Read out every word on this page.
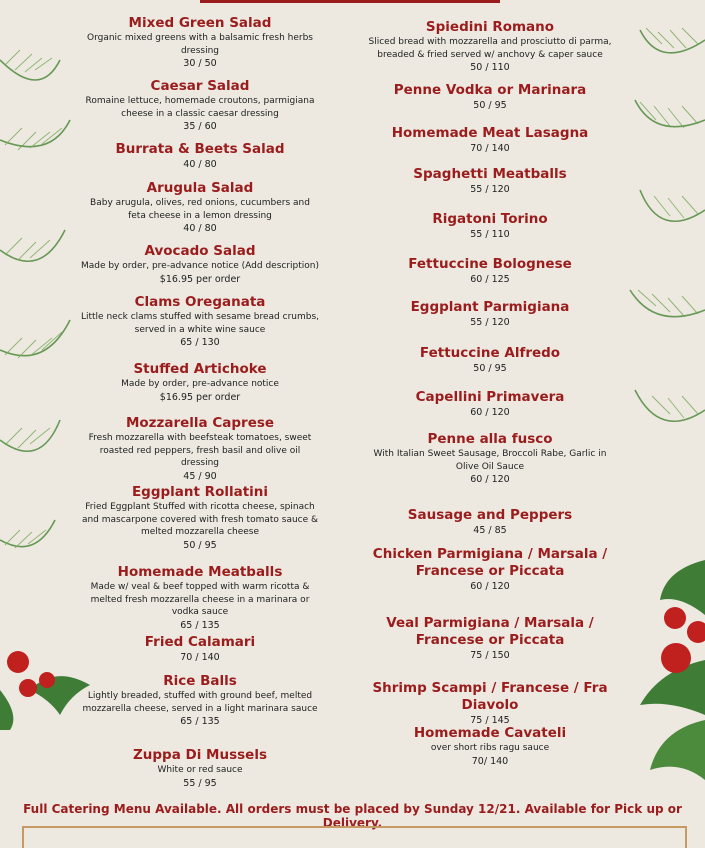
Mixed Green Salad
Organic mixed greens with a balsamic fresh herbs dressing
30 / 50
Caesar Salad
Romaine lettuce, homemade croutons, parmigiana cheese in a classic caesar dressing
35 / 60
Burrata & Beets Salad
40 / 80
Arugula Salad
Baby arugula, olives, red onions, cucumbers and feta cheese in a lemon dressing
40 / 80
Avocado Salad
Made by order, pre-advance notice (Add description)
$16.95 per order
Clams Oreganata
Little neck clams stuffed with sesame bread crumbs, served in a white wine sauce
65 / 130
Stuffed Artichoke
Made by order, pre-advance notice
$16.95 per order
Mozzarella Caprese
Fresh mozzarella with beefsteak tomatoes, sweet roasted red peppers, fresh basil and olive oil dressing
45 / 90
Eggplant Rollatini
Fried Eggplant Stuffed with ricotta cheese, spinach and mascarpone covered with fresh tomato sauce & melted mozzarella cheese
50 / 95
Homemade Meatballs
Made w/ veal & beef topped with warm ricotta & melted fresh mozzarella cheese in a marinara or vodka sauce
65 / 135
Fried Calamari
70 / 140
Rice Balls
Lightly breaded, stuffed with ground beef, melted mozzarella cheese, served in a light marinara sauce
65 / 135
Zuppa Di Mussels
White or red sauce
55 / 95
Spiedini Romano
Sliced bread with mozzarella and prosciutto di parma, breaded & fried served w/ anchovy & caper sauce
50 / 110
Penne Vodka or Marinara
50 / 95
Homemade Meat Lasagna
70 / 140
Spaghetti Meatballs
55 / 120
Rigatoni Torino
55 / 110
Fettuccine Bolognese
60 / 125
Eggplant Parmigiana
55 / 120
Fettuccine Alfredo
50 / 95
Capellini Primavera
60 / 120
Penne alla fusco
With Italian Sweet Sausage, Broccoli Rabe, Garlic in Olive Oil Sauce
60 / 120
Sausage and Peppers
45 / 85
Chicken Parmigiana / Marsala / Francese or Piccata
60 / 120
Veal Parmigiana / Marsala / Francese or Piccata
75 / 150
Shrimp Scampi / Francese / Fra Diavolo
75 / 145
Homemade Cavateli
over short ribs ragu sauce
70/ 140
Full Catering Menu Available. All orders must be placed by Sunday 12/21. Available for Pick up or Delivery.
